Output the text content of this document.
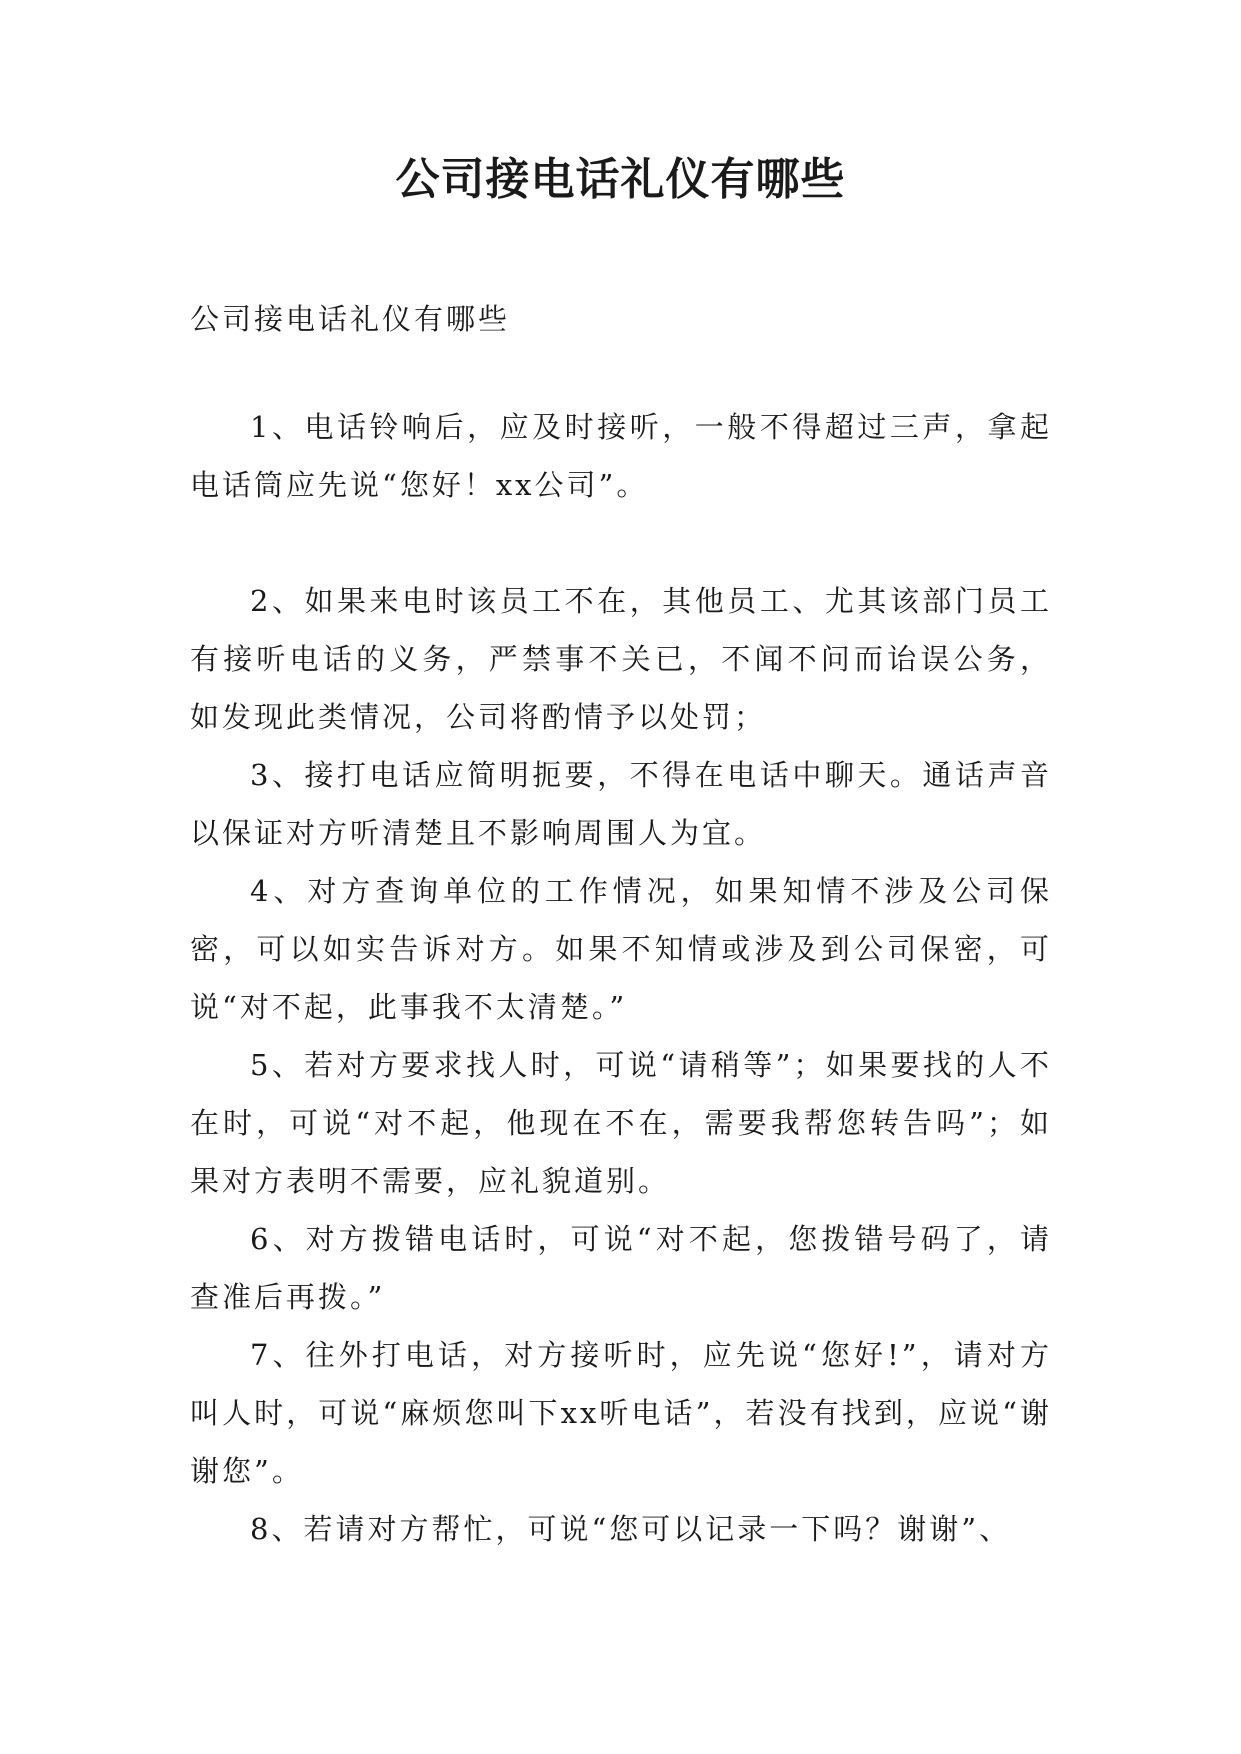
公司接电话礼仪有哪些

公司接电话礼仪有哪些

1、电话铃响后，应及时接听，一般不得超过三声，拿起电话筒应先说“您好！xx公司”。

2、如果来电时该员工不在，其他员工、尤其该部门员工有接听电话的义务，严禁事不关已，不闻不问而诒误公务，如发现此类情况，公司将酌情予以处罚；

3、接打电话应简明扼要，不得在电话中聊天。通话声音以保证对方听清楚且不影响周围人为宜。

4、对方查询单位的工作情况，如果知情不涉及公司保密，可以如实告诉对方。如果不知情或涉及到公司保密，可说“对不起，此事我不太清楚。”

5、若对方要求找人时，可说“请稍等”；如果要找的人不在时，可说“对不起，他现在不在，需要我帮您转告吗”；如果对方表明不需要，应礼貌道别。

6、对方拨错电话时，可说“对不起，您拨错号码了，请查准后再拨。”

7、往外打电话，对方接听时，应先说“您好!”，请对方叫人时，可说“麻烦您叫下xx听电话”，若没有找到，应说“谢谢您”。

8、若请对方帮忙，可说“您可以记录一下吗？谢谢”、
